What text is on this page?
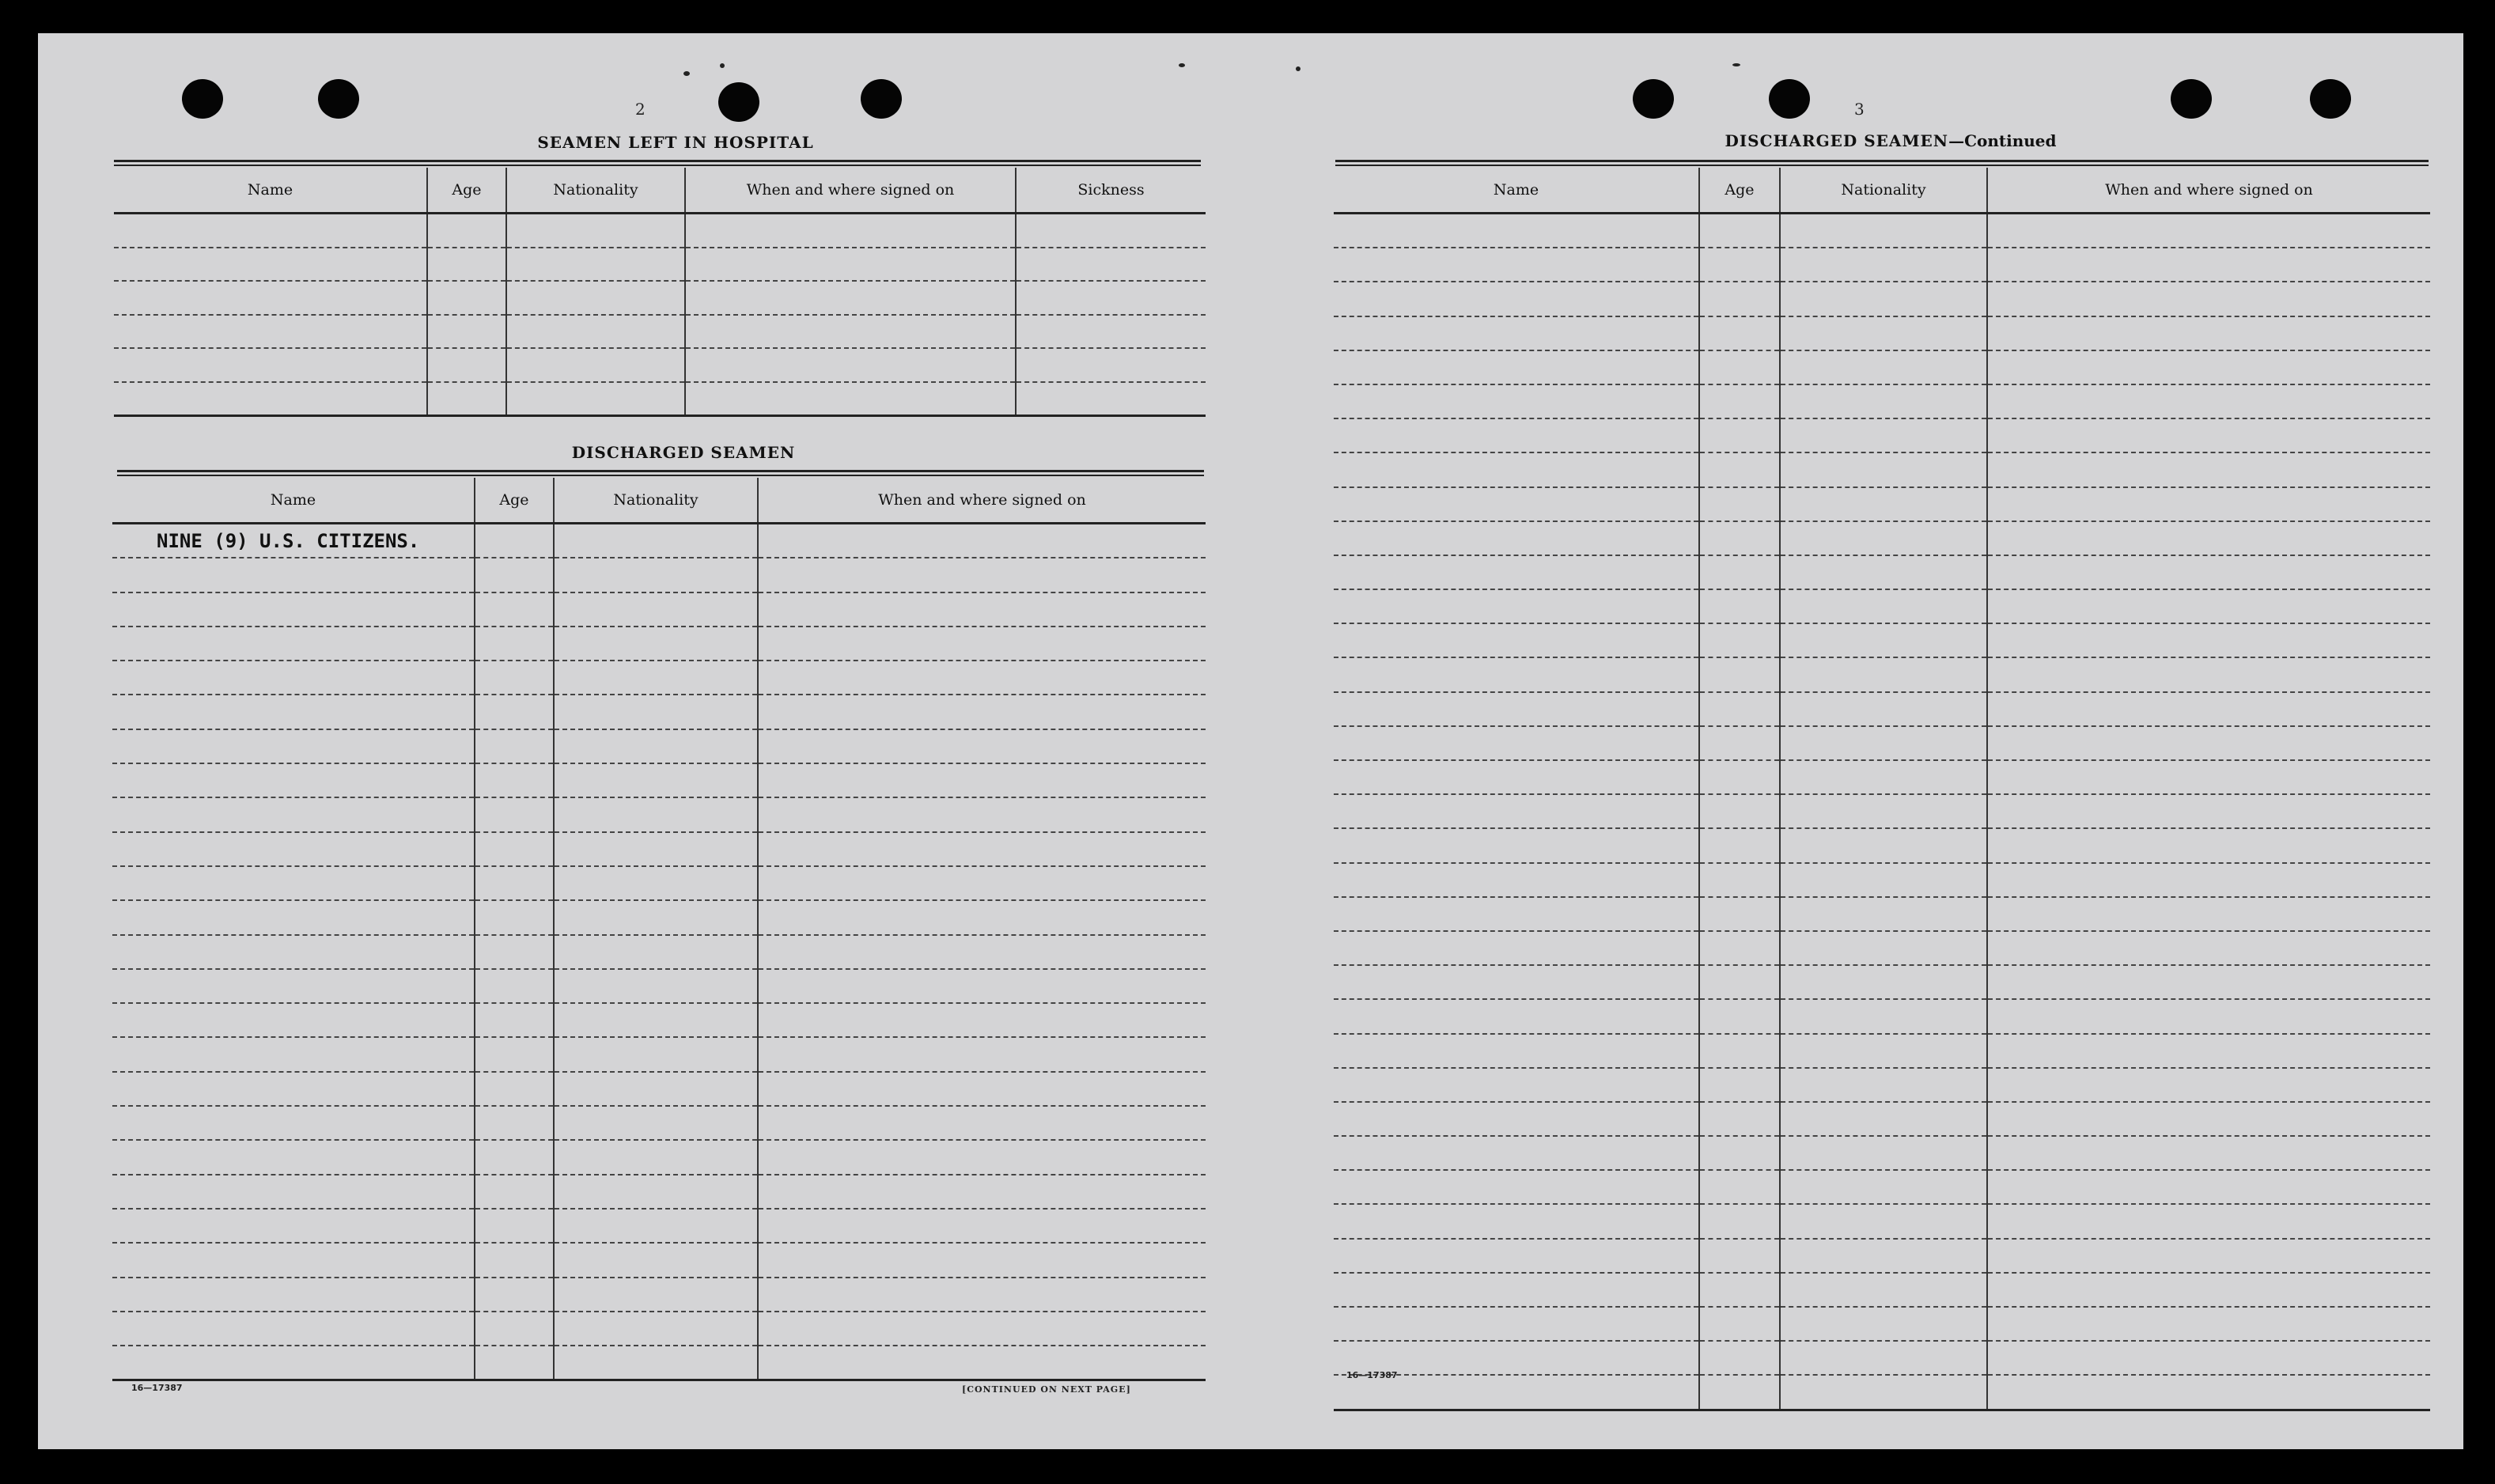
2
SEAMEN LEFT IN HOSPITAL
Name	Age	Nationality	When and where signed on	Sickness

DISCHARGED SEAMEN
Name	Age	Nationality	When and where signed on
NINE (9) U.S. CITIZENS.			

16—17387	[CONTINUED ON NEXT PAGE]
3
DISCHARGED SEAMEN—Continued
Name	Age	Nationality	When and where signed on

16—17387
